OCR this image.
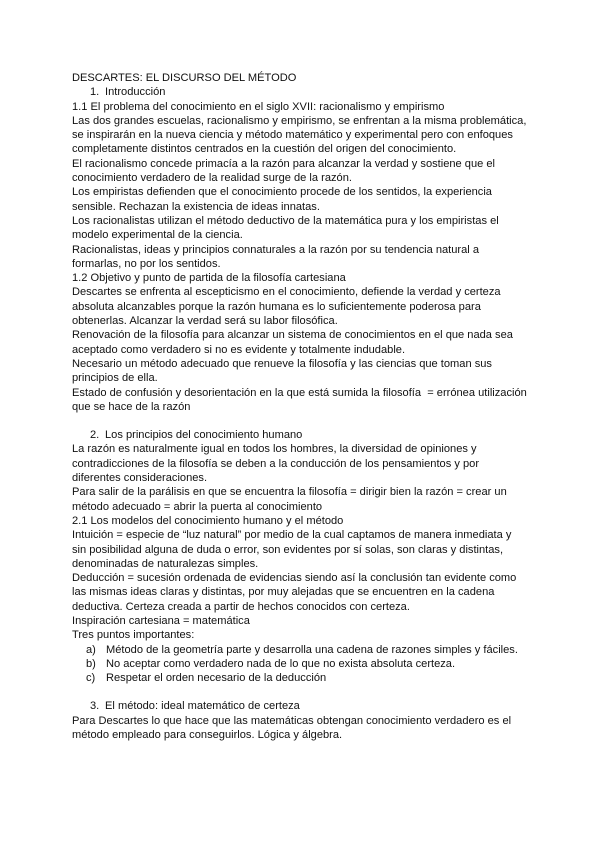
DESCARTES: EL DISCURSO DEL MÉTODO
1. Introducción
1.1 El problema del conocimiento en el siglo XVII: racionalismo y empirismo
Las dos grandes escuelas, racionalismo y empirismo, se enfrentan a la misma problemática,
se inspirarán en la nueva ciencia y método matemático y experimental pero con enfoques
completamente distintos centrados en la cuestión del origen del conocimiento.
El racionalismo concede primacía a la razón para alcanzar la verdad y sostiene que el
conocimiento verdadero de la realidad surge de la razón.
Los empiristas defienden que el conocimiento procede de los sentidos, la experiencia
sensible. Rechazan la existencia de ideas innatas.
Los racionalistas utilizan el método deductivo de la matemática pura y los empiristas el
modelo experimental de la ciencia.
Racionalistas, ideas y principios connaturales a la razón por su tendencia natural a
formarlas, no por los sentidos.
1.2 Objetivo y punto de partida de la filosofía cartesiana
Descartes se enfrenta al escepticismo en el conocimiento, defiende la verdad y certeza
absoluta alcanzables porque la razón humana es lo suficientemente poderosa para
obtenerlas. Alcanzar la verdad será su labor filosófica.
Renovación de la filosofía para alcanzar un sistema de conocimientos en el que nada sea
aceptado como verdadero si no es evidente y totalmente indudable.
Necesario un método adecuado que renueve la filosofía y las ciencias que toman sus
principios de ella.
Estado de confusión y desorientación en la que está sumida la filosofía  = errónea utilización
que se hace de la razón
2. Los principios del conocimiento humano
La razón es naturalmente igual en todos los hombres, la diversidad de opiniones y
contradicciones de la filosofía se deben a la conducción de los pensamientos y por
diferentes consideraciones.
Para salir de la parálisis en que se encuentra la filosofía = dirigir bien la razón = crear un
método adecuado = abrir la puerta al conocimiento
2.1 Los modelos del conocimiento humano y el método
Intuición = especie de “luz natural” por medio de la cual captamos de manera inmediata y
sin posibilidad alguna de duda o error, son evidentes por sí solas, son claras y distintas,
denominadas de naturalezas simples.
Deducción = sucesión ordenada de evidencias siendo así la conclusión tan evidente como
las mismas ideas claras y distintas, por muy alejadas que se encuentren en la cadena
deductiva. Certeza creada a partir de hechos conocidos con certeza.
Inspiración cartesiana = matemática
Tres puntos importantes:
a) Método de la geometría parte y desarrolla una cadena de razones simples y fáciles.
b) No aceptar como verdadero nada de lo que no exista absoluta certeza.
c) Respetar el orden necesario de la deducción
3. El método: ideal matemático de certeza
Para Descartes lo que hace que las matemáticas obtengan conocimiento verdadero es el
método empleado para conseguirlos. Lógica y álgebra.
